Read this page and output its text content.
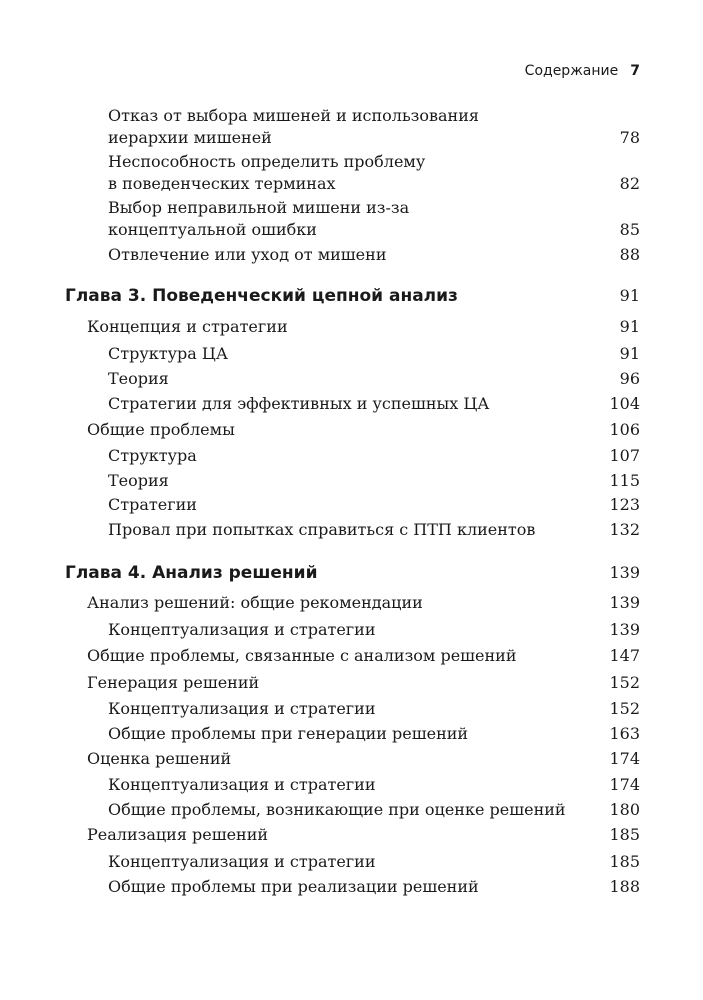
Содержание 7
Отказ от выбора мишеней и использования
иерархии мишеней	78
Неспособность определить проблему
в поведенческих терминах	82
Выбор неправильной мишени из-за
концептуальной ошибки	85
Отвлечение или уход от мишени	88
Глава 3. Поведенческий цепной анализ	91
Концепция и стратегии	91
Структура ЦА	91
Теория	96
Стратегии для эффективных и успешных ЦА	104
Общие проблемы	106
Структура	107
Теория	115
Стратегии	123
Провал при попытках справиться с ПТП клиентов	132
Глава 4. Анализ решений	139
Анализ решений: общие рекомендации	139
Концептуализация и стратегии	139
Общие проблемы, связанные с анализом решений	147
Генерация решений	152
Концептуализация и стратегии	152
Общие проблемы при генерации решений	163
Оценка решений	174
Концептуализация и стратегии	174
Общие проблемы, возникающие при оценке решений	180
Реализация решений	185
Концептуализация и стратегии	185
Общие проблемы при реализации решений	188
